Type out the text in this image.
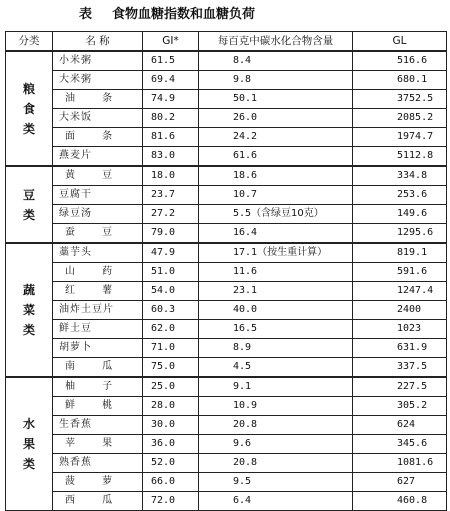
表 食物血糖指数和血糖负荷
分类	名 称	GI*	每百克中碳水化合物含量	GL
粮食类	小米粥	61.5	8.4	516.6
	大米粥	69.4	9.8	680.1
	油 条	74.9	50.1	3752.5
	大米饭	80.2	26.0	2085.2
	面 条	81.6	24.2	1974.7
	燕麦片	83.0	61.6	5112.8
豆类	黄 豆	18.0	18.6	334.8
	豆腐干	23.7	10.7	253.6
	绿豆汤	27.2	5.5（含绿豆10克）	149.6
	蚕 豆	79.0	16.4	1295.6
蔬菜类	藁芋头	47.9	17.1（按生重计算）	819.1
	山 药	51.0	11.6	591.6
	红 薯	54.0	23.1	1247.4
	油炸土豆片	60.3	40.0	2400
	鲜土豆	62.0	16.5	1023
	胡萝卜	71.0	8.9	631.9
	南 瓜	75.0	4.5	337.5
水果类	柚 子	25.0	9.1	227.5
	鲜 桃	28.0	10.9	305.2
	生香蕉	30.0	20.8	624
	苹 果	36.0	9.6	345.6
	熟香蕉	52.0	20.8	1081.6
	菠 萝	66.0	9.5	627
	西 瓜	72.0	6.4	460.8
